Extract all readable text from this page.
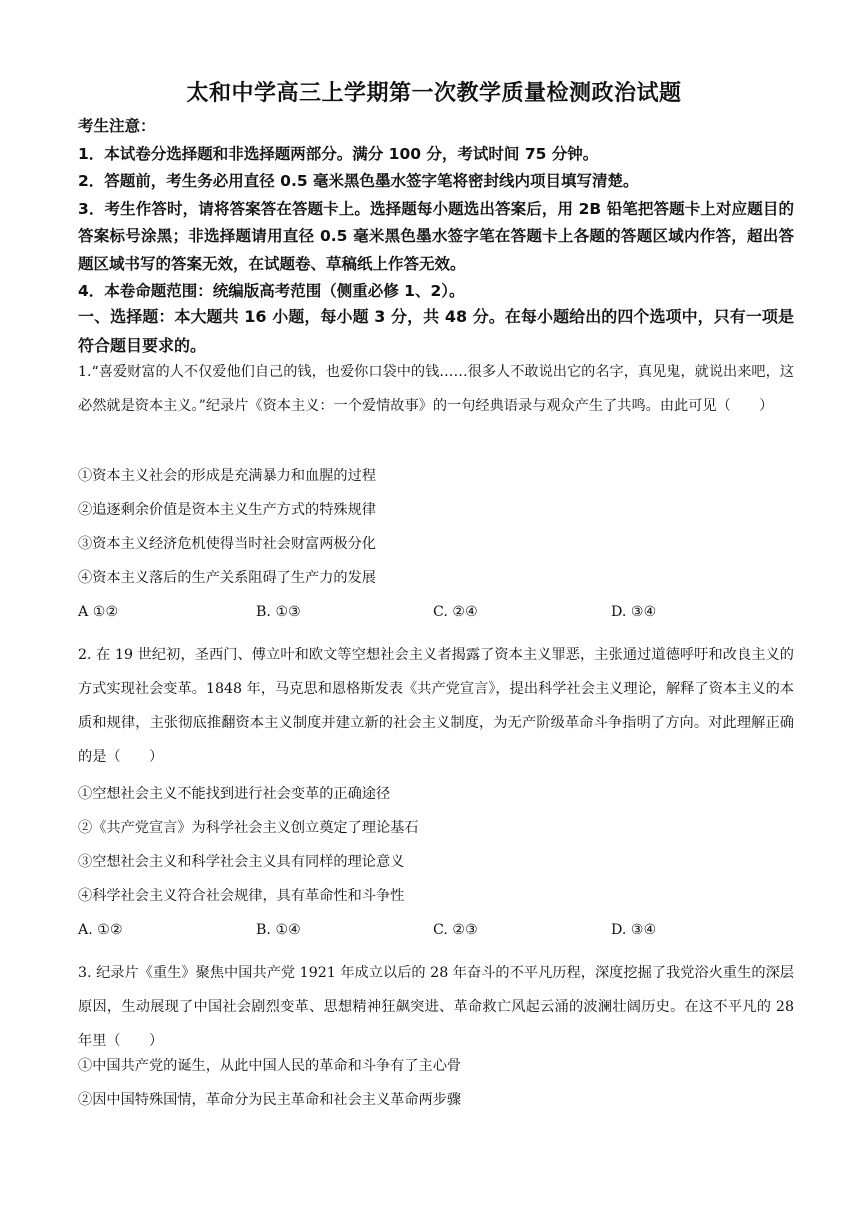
太和中学高三上学期第一次教学质量检测政治试题

考生注意：

1．本试卷分选择题和非选择题两部分。满分 100 分，考试时间 75 分钟。

2．答题前，考生务必用直径 0.5 毫米黑色墨水签字笔将密封线内项目填写清楚。

3．考生作答时，请将答案答在答题卡上。选择题每小题选出答案后，用 2B 铅笔把答题卡上对应题目的答案标号涂黑；非选择题请用直径 0.5 毫米黑色墨水签字笔在答题卡上各题的答题区域内作答，超出答题区域书写的答案无效，在试题卷、草稿纸上作答无效。

4．本卷命题范围：统编版高考范围（侧重必修 1、2）。

一、选择题：本大题共 16 小题，每小题 3 分，共 48 分。在每小题给出的四个选项中，只有一项是符合题目要求的。
1.“喜爱财富的人不仅爱他们自己的钱，也爱你口袋中的钱……很多人不敢说出它的名字，真见鬼，就说出来吧，这必然就是资本主义。”纪录片《资本主义：一个爱情故事》的一句经典语录与观众产生了共鸣。由此可见（　　）
①资本主义社会的形成是充满暴力和血腥的过程
②追逐剩余价值是资本主义生产方式的特殊规律
③资本主义经济危机使得当时社会财富两极分化
④资本主义落后的生产关系阻碍了生产力的发展
A ①②	B. ①③	C. ②④	D. ③④
2. 在 19 世纪初，圣西门、傅立叶和欧文等空想社会主义者揭露了资本主义罪恶，主张通过道德呼吁和改良主义的方式实现社会变革。1848 年，马克思和恩格斯发表《共产党宣言》，提出科学社会主义理论，解释了资本主义的本质和规律，主张彻底推翻资本主义制度并建立新的社会主义制度，为无产阶级革命斗争指明了方向。对此理解正确的是（　　）
①空想社会主义不能找到进行社会变革的正确途径
②《共产党宣言》为科学社会主义创立奠定了理论基石
③空想社会主义和科学社会主义具有同样的理论意义
④科学社会主义符合社会规律，具有革命性和斗争性
A. ①②	B. ①④	C. ②③	D. ③④
3. 纪录片《重生》聚焦中国共产党 1921 年成立以后的 28 年奋斗的不平凡历程，深度挖掘了我党浴火重生的深层原因，生动展现了中国社会剧烈变革、思想精神狂飙突进、革命救亡风起云涌的波澜壮阔历史。在这不平凡的 28 年里（　　）
①中国共产党的诞生，从此中国人民的革命和斗争有了主心骨
②因中国特殊国情，革命分为民主革命和社会主义革命两步骤
